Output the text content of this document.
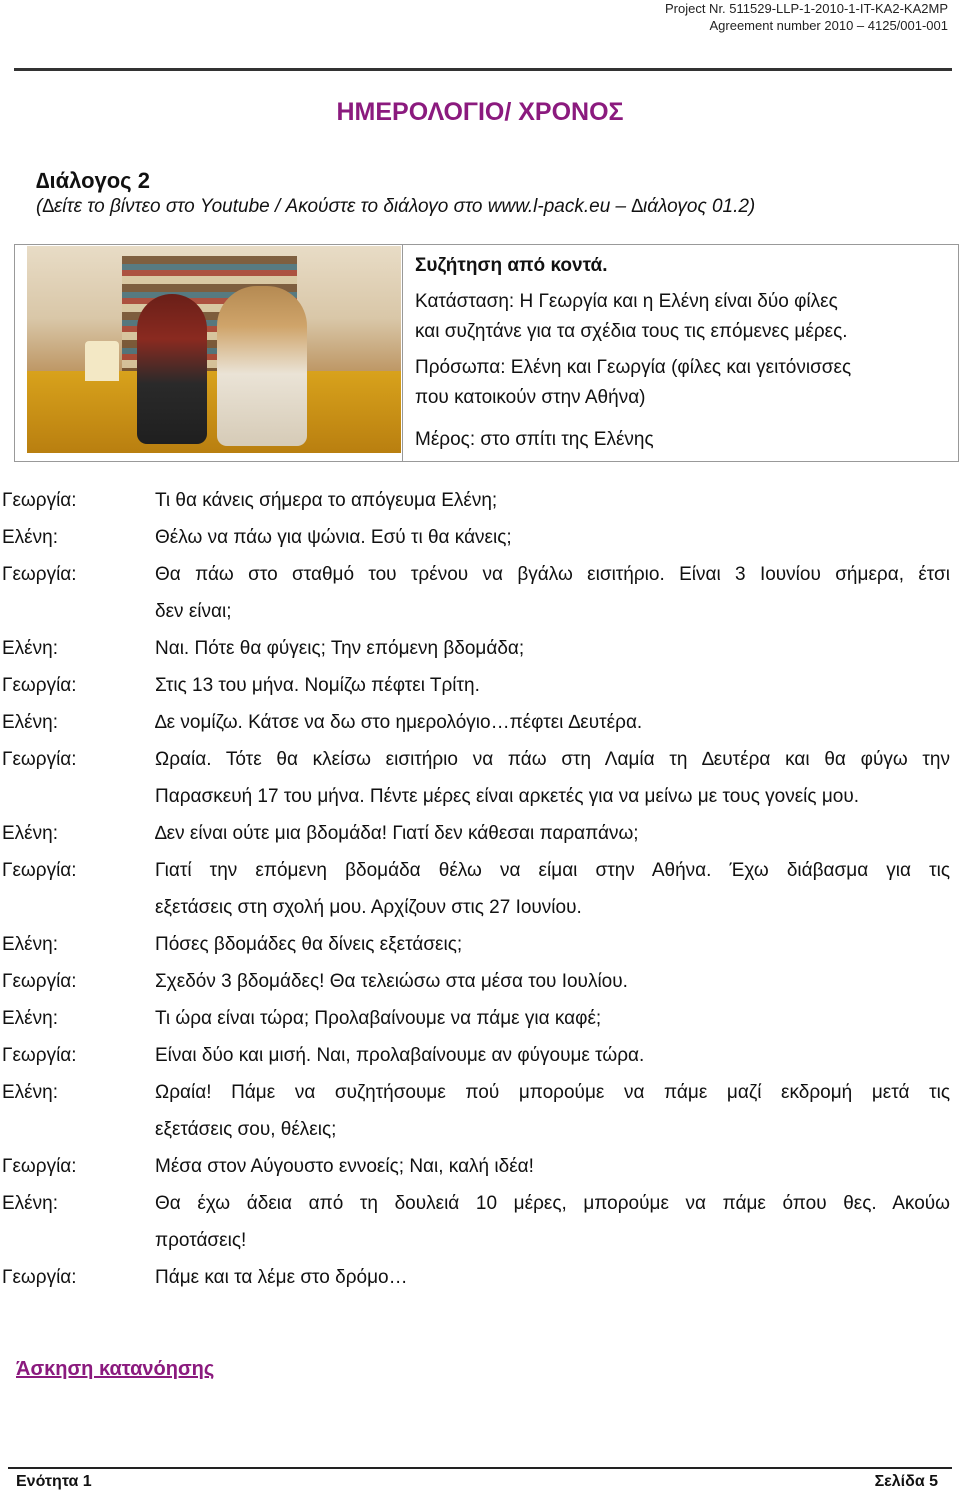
Project Nr. 511529-LLP-1-2010-1-IT-KA2-KA2MP
Agreement number 2010 – 4125/001-001
ΗΜΕΡΟΛΟΓΙΟ/ ΧΡΟΝΟΣ
∆ιάλογος 2
(∆είτε το βίντεο στο Youtube / Ακούστε το διάλογο στο www.l-pack.eu – ∆ιάλογος 01.2)

Συζήτηση από κοντά.

Κατάσταση: Η Γεωργία και η Ελένη είναι δύο φίλες

και συζητάνε για τα σχέδια τους τις επόμενες μέρες.

Πρόσωπα: Ελένη και Γεωργία (φίλες και γειτόνισσες

που κατοικούν στην Αθήνα)

Μέρος: στο σπίτι της Ελένης

Γεωργία:	Τι θα κάνεις σήμερα το απόγευμα Ελένη;
Ελένη:	Θέλω να πάω για ψώνια. Εσύ τι θα κάνεις;
Γεωργία:	Θα πάω στο σταθμό του τρένου να βγάλω εισιτήριο. Είναι 3 Ιουνίου σήμερα, έτσι
δεν είναι;
Ελένη:	Ναι. Πότε θα φύγεις; Την επόμενη βδομάδα;
Γεωργία:	Στις 13 του μήνα. Νομίζω πέφτει Τρίτη.
Ελένη:	∆ε νομίζω. Κάτσε να δω στο ημερολόγιο…πέφτει ∆ευτέρα.
Γεωργία:	Ωραία. Τότε θα κλείσω εισιτήριο να πάω στη Λαμία τη ∆ευτέρα και θα φύγω την
Παρασκευή 17 του μήνα. Πέντε μέρες είναι αρκετές για να μείνω με τους γονείς μου.
Ελένη:	∆εν είναι ούτε μια βδομάδα! Γιατί δεν κάθεσαι παραπάνω;
Γεωργία:	Γιατί την επόμενη βδομάδα θέλω να είμαι στην Αθήνα. Έχω διάβασμα για τις
εξετάσεις στη σχολή μου. Αρχίζουν στις 27 Ιουνίου.
Ελένη:	Πόσες βδομάδες θα δίνεις εξετάσεις;
Γεωργία:	Σχεδόν 3 βδομάδες! Θα τελειώσω στα μέσα του Ιουλίου.
Ελένη:	Τι ώρα είναι τώρα; Προλαβαίνουμε να πάμε για καφέ;
Γεωργία:	Είναι δύο και μισή. Ναι, προλαβαίνουμε αν φύγουμε τώρα.
Ελένη:	Ωραία! Πάμε να συζητήσουμε πού μπορούμε να πάμε μαζί εκδρομή μετά τις
εξετάσεις σου, θέλεις;
Γεωργία:	Μέσα στον Αύγουστο εννοείς; Ναι, καλή ιδέα!
Ελένη:	Θα έχω άδεια από τη δουλειά 10 μέρες, μπορούμε να πάμε όπου θες. Ακούω
προτάσεις!
Γεωργία:	Πάμε και τα λέμε στο δρόμο…
Άσκηση κατανόησης
Ενότητα 1	Σελίδα 5
